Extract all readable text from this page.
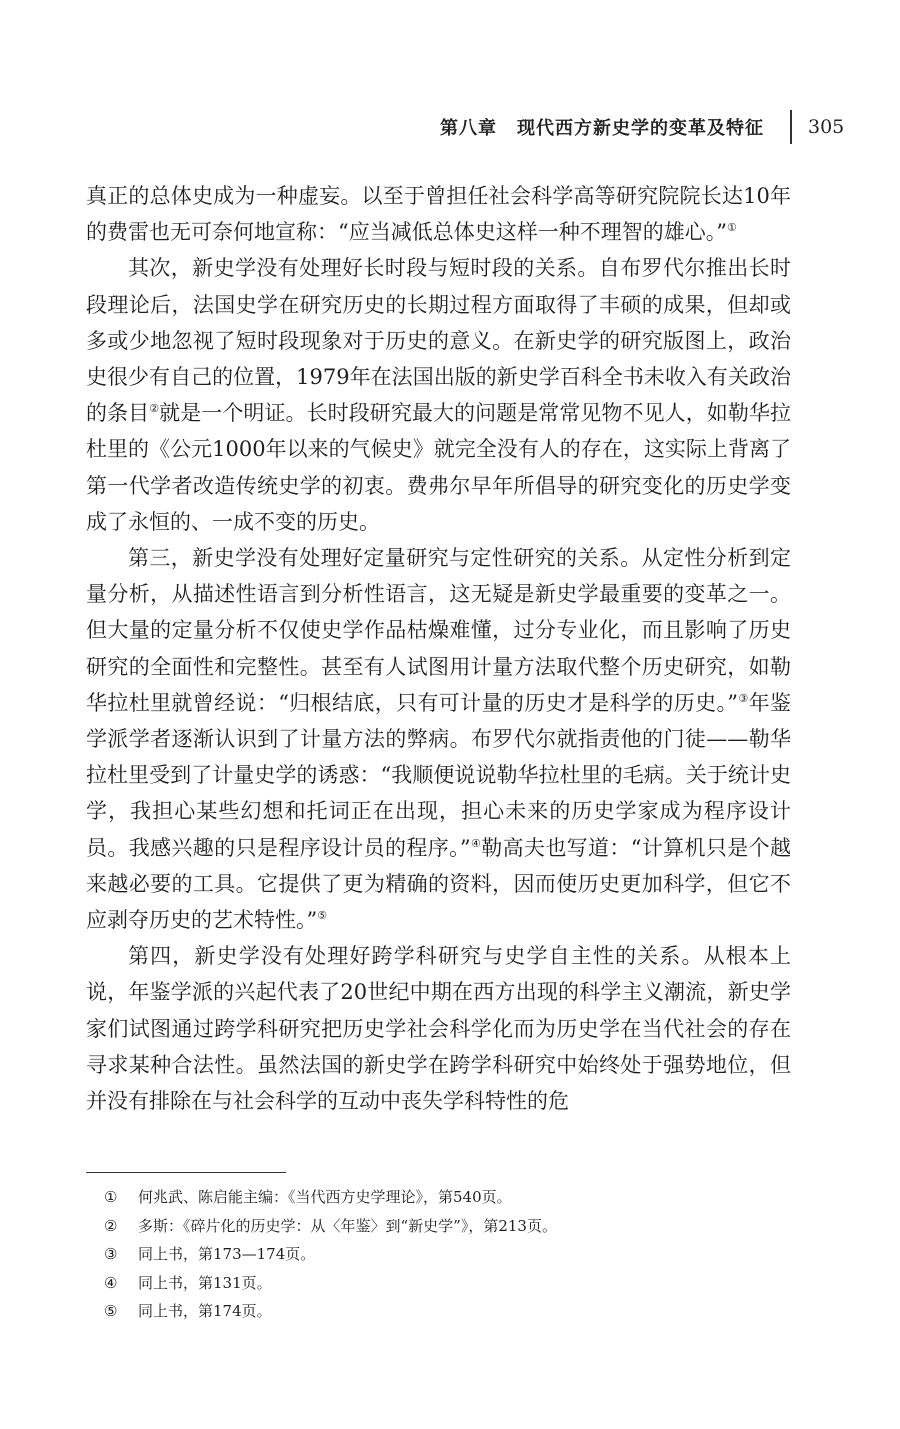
第八章 现代西方新史学的变革及特征 305

真正的总体史成为一种虚妄。以至于曾担任社会科学高等研究院院长达10年的费雷也无可奈何地宣称：“应当减低总体史这样一种不理智的雄心。”①

其次，新史学没有处理好长时段与短时段的关系。自布罗代尔推出长时段理论后，法国史学在研究历史的长期过程方面取得了丰硕的成果，但却或多或少地忽视了短时段现象对于历史的意义。在新史学的研究版图上，政治史很少有自己的位置，1979年在法国出版的新史学百科全书未收入有关政治的条目②就是一个明证。长时段研究最大的问题是常常见物不见人，如勒华拉杜里的《公元1000年以来的气候史》就完全没有人的存在，这实际上背离了第一代学者改造传统史学的初衷。费弗尔早年所倡导的研究变化的历史学变成了永恒的、一成不变的历史。

第三，新史学没有处理好定量研究与定性研究的关系。从定性分析到定量分析，从描述性语言到分析性语言，这无疑是新史学最重要的变革之一。但大量的定量分析不仅使史学作品枯燥难懂，过分专业化，而且影响了历史研究的全面性和完整性。甚至有人试图用计量方法取代整个历史研究，如勒华拉杜里就曾经说：“归根结底，只有可计量的历史才是科学的历史。”③年鉴学派学者逐渐认识到了计量方法的弊病。布罗代尔就指责他的门徒——勒华拉杜里受到了计量史学的诱惑：“我顺便说说勒华拉杜里的毛病。关于统计史学，我担心某些幻想和托词正在出现，担心未来的历史学家成为程序设计员。我感兴趣的只是程序设计员的程序。”④勒高夫也写道：“计算机只是个越来越必要的工具。它提供了更为精确的资料，因而使历史更加科学，但它不应剥夺历史的艺术特性。”⑤

第四，新史学没有处理好跨学科研究与史学自主性的关系。从根本上说，年鉴学派的兴起代表了20世纪中期在西方出现的科学主义潮流，新史学家们试图通过跨学科研究把历史学社会科学化而为历史学在当代社会的存在寻求某种合法性。虽然法国的新史学在跨学科研究中始终处于强势地位，但并没有排除在与社会科学的互动中丧失学科特性的危

① 何兆武、陈启能主编：《当代西方史学理论》，第540页。
② 多斯：《碎片化的历史学：从〈年鉴〉到“新史学”》，第213页。
③ 同上书，第173—174页。
④ 同上书，第131页。
⑤ 同上书，第174页。
